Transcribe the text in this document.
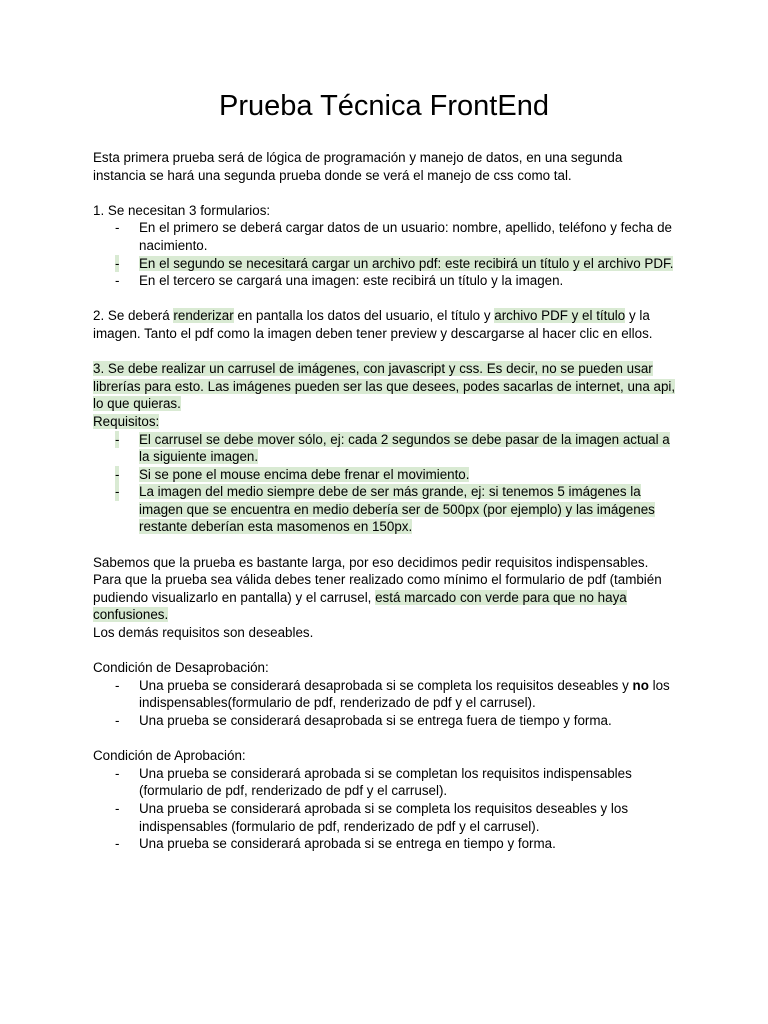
Prueba Técnica FrontEnd

Esta primera prueba será de lógica de programación y manejo de datos, en una segunda instancia se hará una segunda prueba donde se verá el manejo de css como tal.

1. Se necesitan 3 formularios:

- En el primero se deberá cargar datos de un usuario: nombre, apellido, teléfono y fecha de nacimiento.
- En el segundo se necesitará cargar un archivo pdf: este recibirá un título y el archivo PDF.
- En el tercero se cargará una imagen: este recibirá un título y la imagen.

2. Se deberá renderizar en pantalla los datos del usuario, el título y archivo PDF y el título y la imagen. Tanto el pdf como la imagen deben tener preview y descargarse al hacer clic en ellos.

3. Se debe realizar un carrusel de imágenes, con javascript y css. Es decir, no se pueden usar librerías para esto. Las imágenes pueden ser las que desees, podes sacarlas de internet, una api, lo que quieras.

Requisitos:

- El carrusel se debe mover sólo, ej: cada 2 segundos se debe pasar de la imagen actual a la siguiente imagen.
- Si se pone el mouse encima debe frenar el movimiento.
- La imagen del medio siempre debe de ser más grande, ej: si tenemos 5 imágenes la imagen que se encuentra en medio debería ser de 500px (por ejemplo) y las imágenes restante deberían esta masomenos en 150px.

Sabemos que la prueba es bastante larga, por eso decidimos pedir requisitos indispensables.

Para que la prueba sea válida debes tener realizado como mínimo el formulario de pdf (también pudiendo visualizarlo en pantalla) y el carrusel, está marcado con verde para que no haya confusiones.

Los demás requisitos son deseables.

Condición de Desaprobación:

- Una prueba se considerará desaprobada si se completa los requisitos deseables y no los indispensables(formulario de pdf, renderizado de pdf y el carrusel).
- Una prueba se considerará desaprobada si se entrega fuera de tiempo y forma.

Condición de Aprobación:

- Una prueba se considerará aprobada si se completan los requisitos indispensables (formulario de pdf, renderizado de pdf y el carrusel).
- Una prueba se considerará aprobada si se completa los requisitos deseables y los indispensables (formulario de pdf, renderizado de pdf y el carrusel).
- Una prueba se considerará aprobada si se entrega en tiempo y forma.
